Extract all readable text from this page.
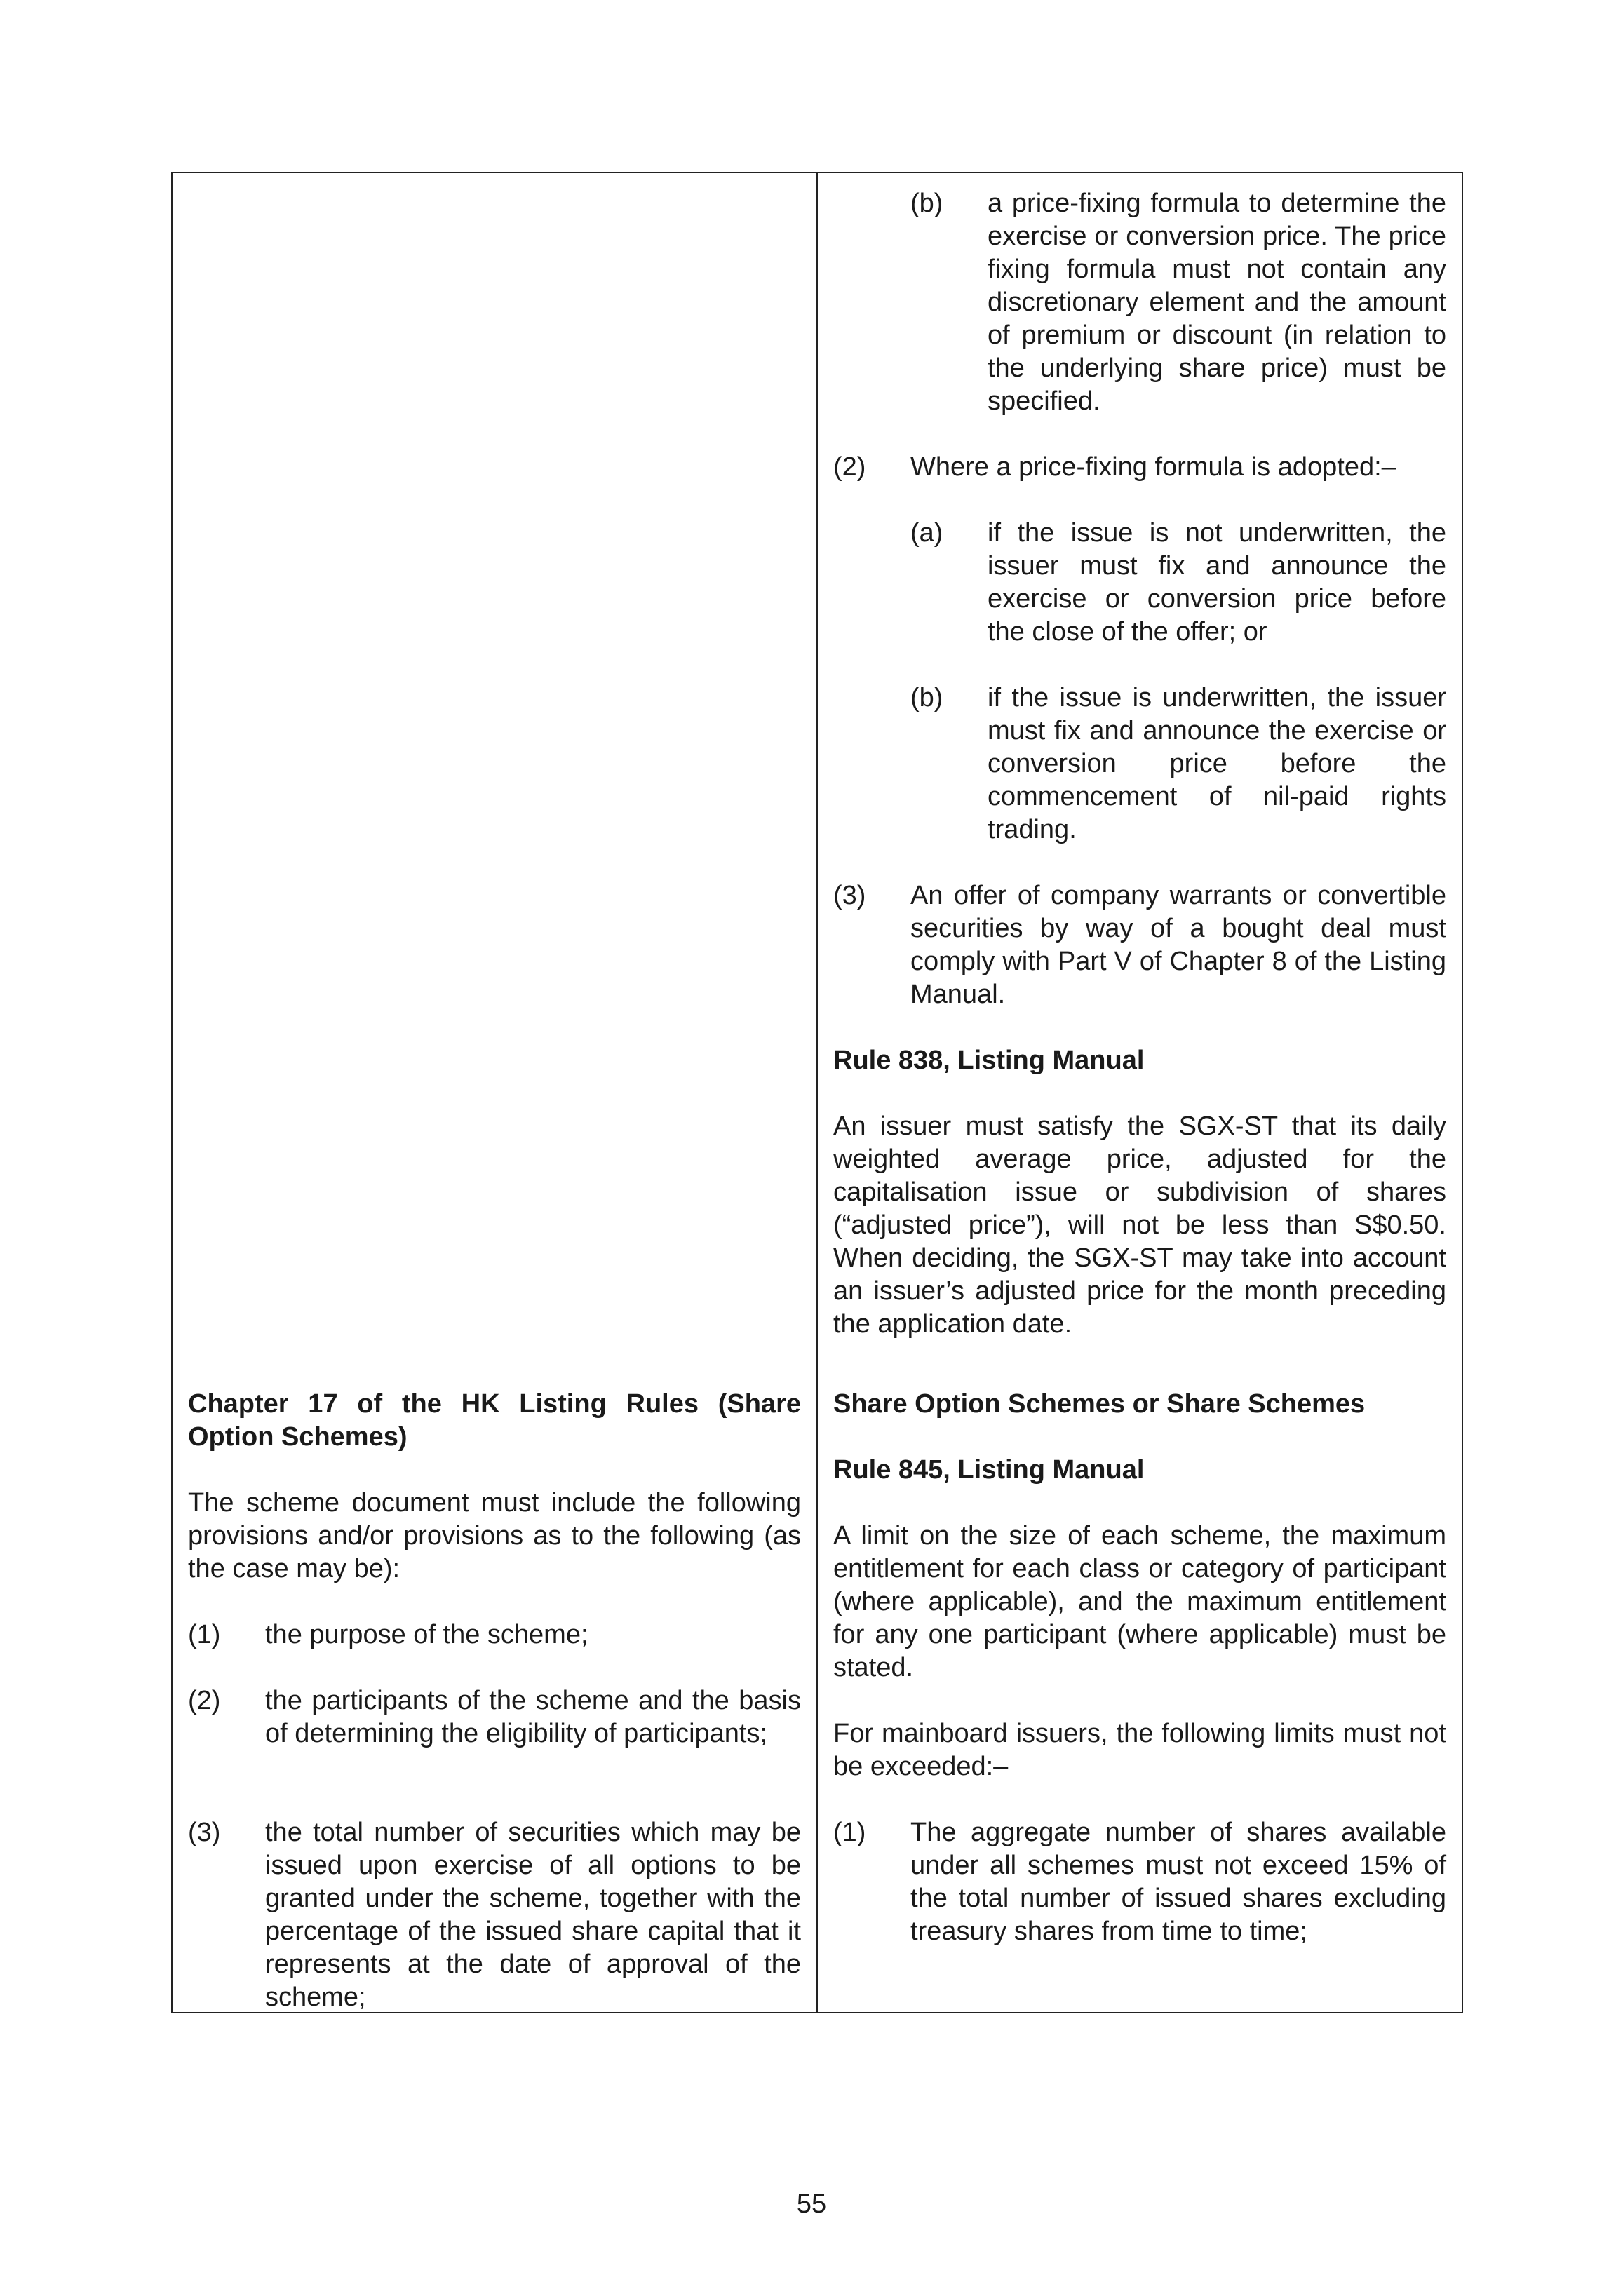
Chapter 17 of the HK Listing Rules (Share Option Schemes)

The scheme document must include the following provisions and/or provisions as to the following (as the case may be):

(1) the purpose of the scheme;
(2) the participants of the scheme and the basis of determining the eligibility of participants;
(3) the total number of securities which may be issued upon exercise of all options to be granted under the scheme, together with the percentage of the issued share capital that it represents at the date of approval of the scheme;
(b) a price-fixing formula to determine the exercise or conversion price. The price fixing formula must not contain any discretionary element and the amount of premium or discount (in relation to the underlying share price) must be specified.
(2) Where a price-fixing formula is adopted:–
(a) if the issue is not underwritten, the issuer must fix and announce the exercise or conversion price before the close of the offer; or
(b) if the issue is underwritten, the issuer must fix and announce the exercise or conversion price before the commencement of nil-paid rights trading.
(3) An offer of company warrants or convertible securities by way of a bought deal must comply with Part V of Chapter 8 of the Listing Manual.

Rule 838, Listing Manual

An issuer must satisfy the SGX-ST that its daily weighted average price, adjusted for the capitalisation issue or subdivision of shares (“adjusted price”), will not be less than S$0.50. When deciding, the SGX-ST may take into account an issuer’s adjusted price for the month preceding the application date.

Share Option Schemes or Share Schemes

Rule 845, Listing Manual

A limit on the size of each scheme, the maximum entitlement for each class or category of participant (where applicable), and the maximum entitlement for any one participant (where applicable) must be stated.

For mainboard issuers, the following limits must not be exceeded:–

(1) The aggregate number of shares available under all schemes must not exceed 15% of the total number of issued shares excluding treasury shares from time to time;
55
